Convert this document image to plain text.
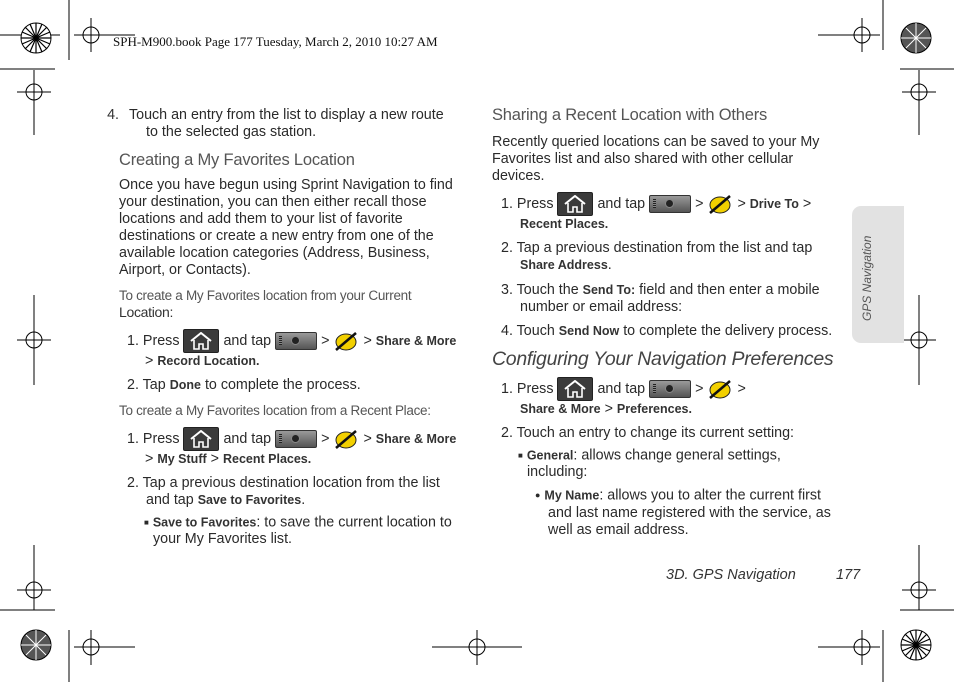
SPH-M900.book Page 177 Tuesday, March 2, 2010 10:27 AM
GPS Navigation
4. Touch an entry from the list to display a new route
to the selected gas station.
Creating a My Favorites Location
Once you have begun using Sprint Navigation to find
your destination, you can then either recall those
locations and add them to your list of favorite
destinations or create a new entry from one of the
available location categories (Address, Business,
Airport, or Contacts).
To create a My Favorites location from your Current
Location:
1. Press	and tap	> > Share & More
> Record Location.
2. Tap Done to complete the process.
To create a My Favorites location from a Recent Place:
1. Press	and tap	> > Share & More
> My Stuff > Recent Places.
2. Tap a previous destination location from the list
and tap Save to Favorites.
■ Save to Favorites: to save the current location to
your My Favorites list.
Sharing a Recent Location with Others
Recently queried locations can be saved to your My
Favorites list and also shared with other cellular
devices.
1. Press	and tap	> > Drive To >
Recent Places.
2. Tap a previous destination from the list and tap
Share Address.
3. Touch the Send To: field and then enter a mobile
number or email address:
4. Touch Send Now to complete the delivery process.
Configuring Your Navigation Preferences
1. Press	and tap	> >
Share & More > Preferences.
2. Touch an entry to change its current setting:
■ General: allows change general settings,
including:
● My Name: allows you to alter the current first
and last name registered with the service, as
well as email address.
3D. GPS Navigation	177
